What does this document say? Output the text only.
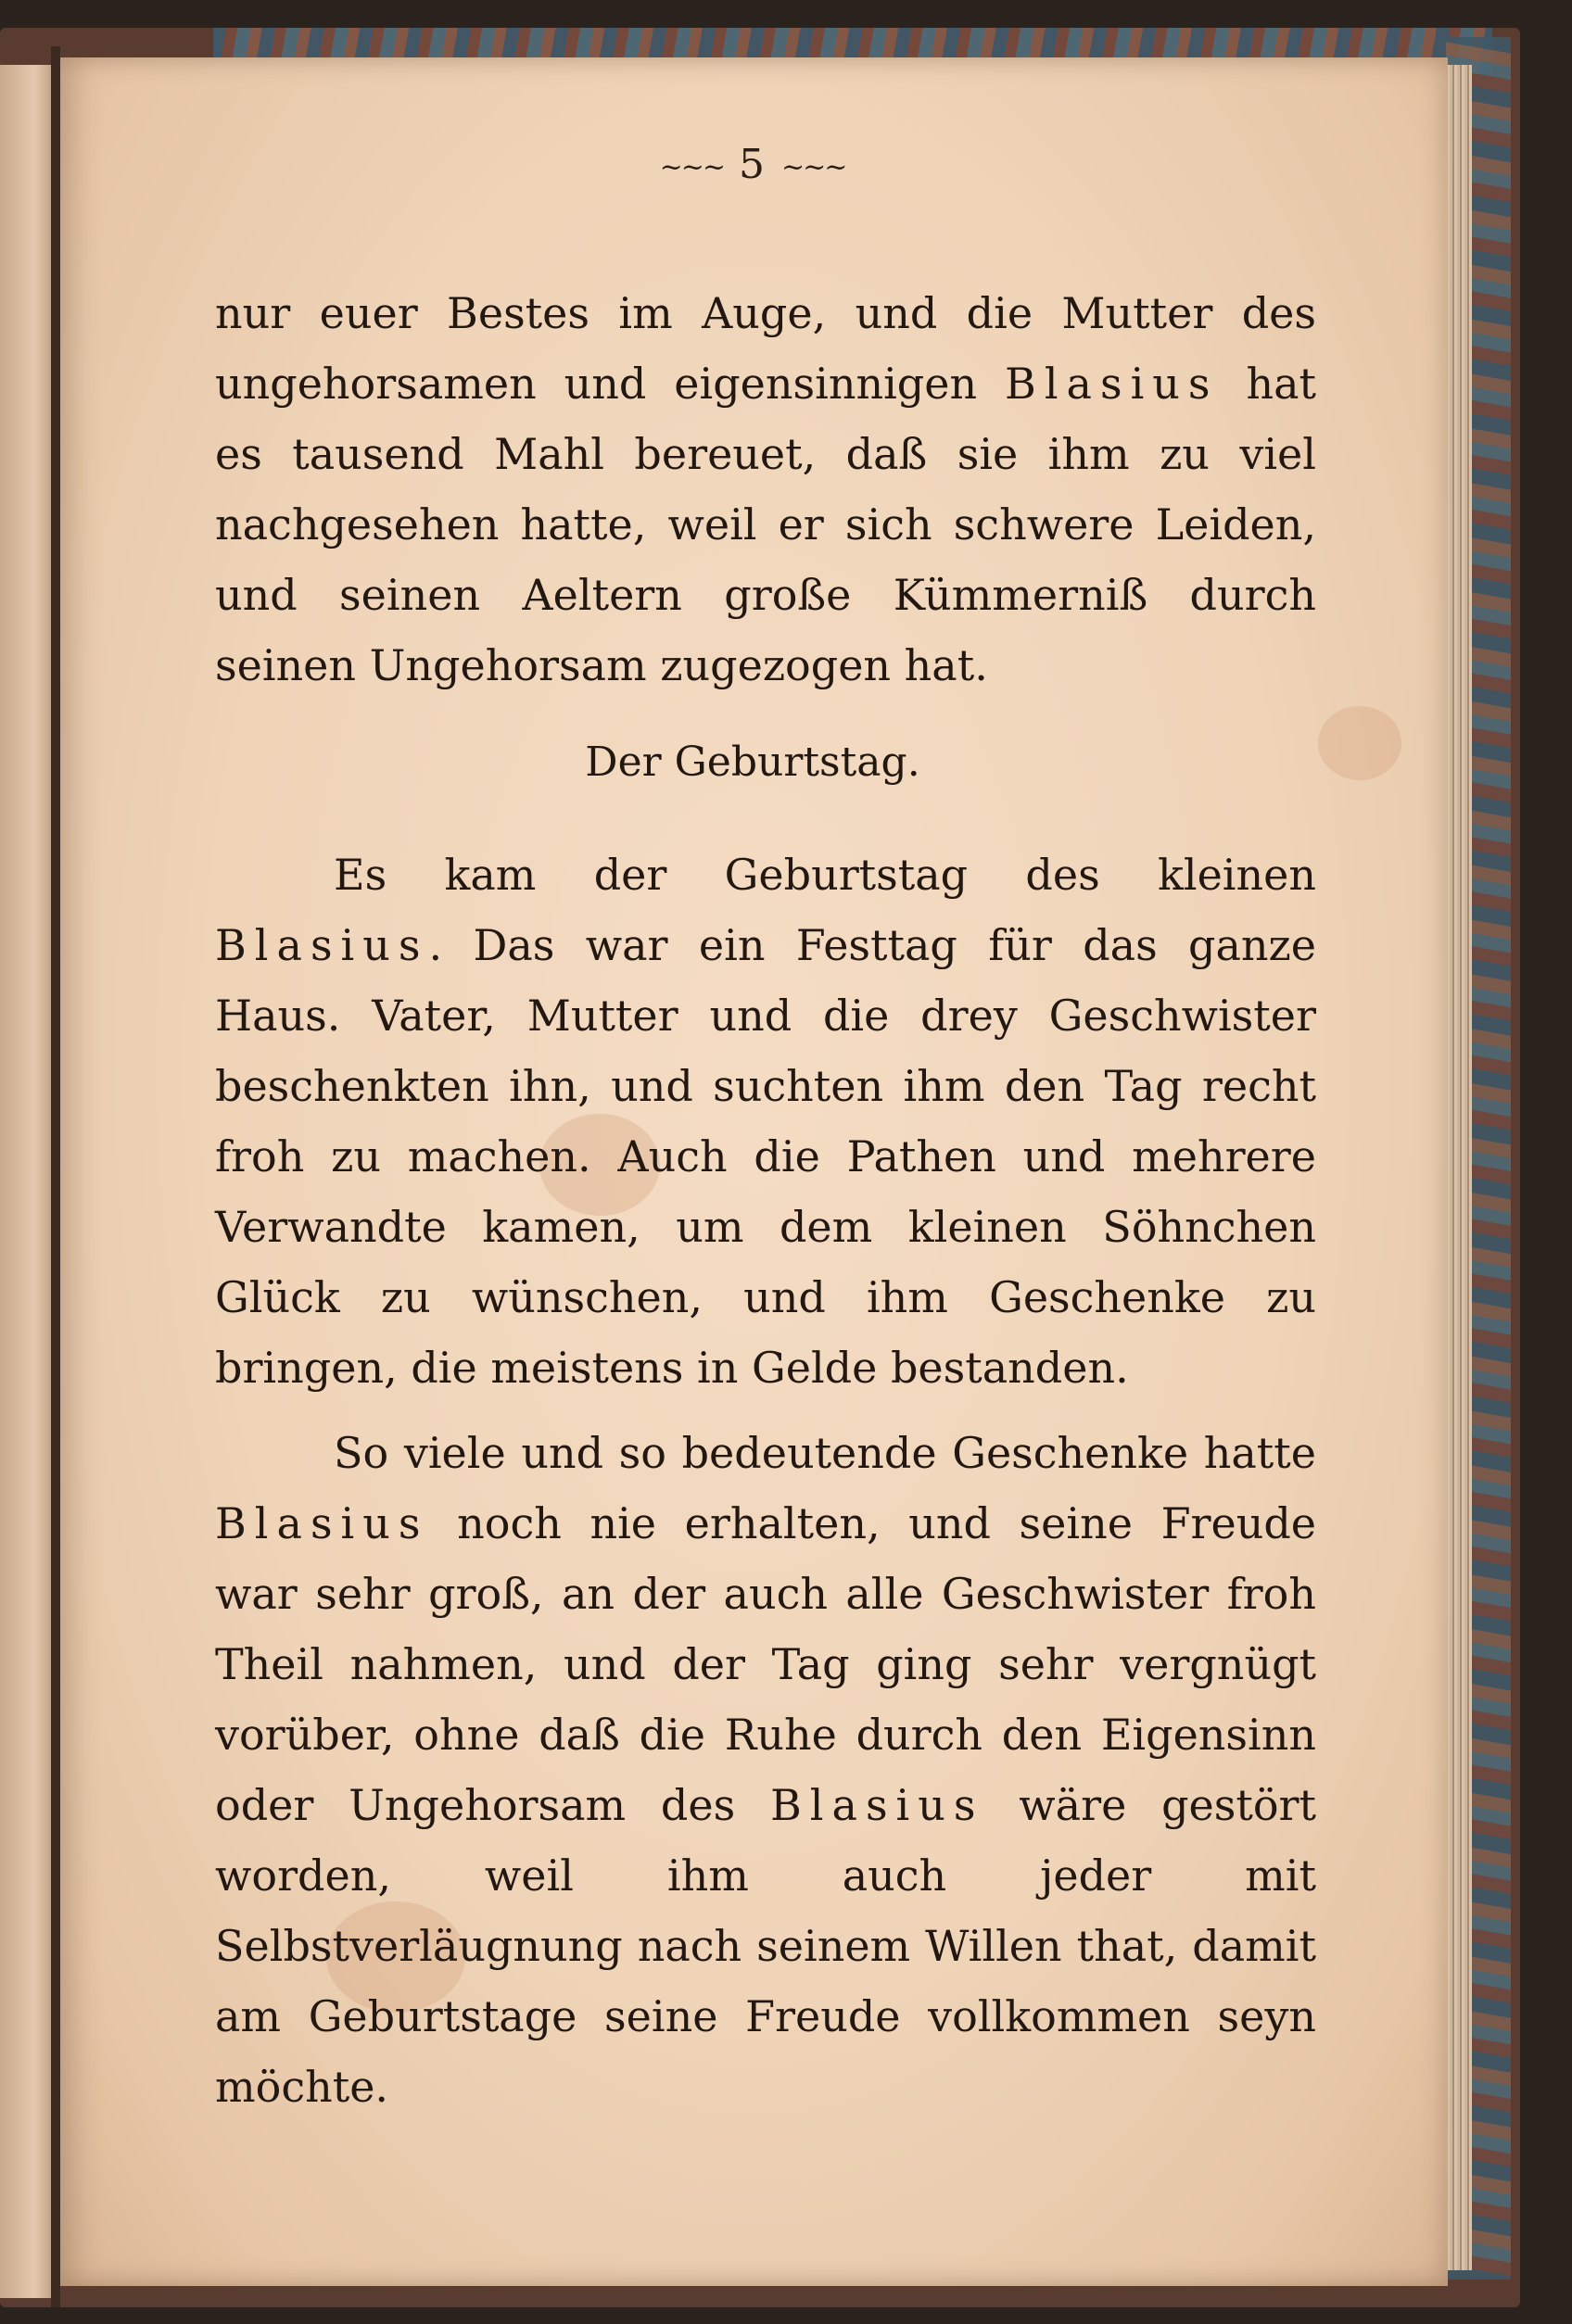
~~~ 5 ~~~

nur euer Bestes im Auge, und die Mutter des ungehorsamen und eigensinnigen Blasius hat es tausend Mahl bereuet, daß sie ihm zu viel nachgesehen hatte, weil er sich schwere Leiden, und seinen Aeltern große Kümmerniß durch seinen Ungehorsam zugezogen hat.

Der Geburtstag.

Es kam der Geburtstag des kleinen Blasius. Das war ein Festtag für das ganze Haus. Vater, Mutter und die drey Geschwister beschenkten ihn, und suchten ihm den Tag recht froh zu machen. Auch die Pathen und mehrere Verwandte kamen, um dem kleinen Söhnchen Glück zu wünschen, und ihm Geschenke zu bringen, die meistens in Gelde bestanden.

So viele und so bedeutende Geschenke hatte Blasius noch nie erhalten, und seine Freude war sehr groß, an der auch alle Geschwister froh Theil nahmen, und der Tag ging sehr vergnügt vorüber, ohne daß die Ruhe durch den Eigensinn oder Ungehorsam des Blasius wäre gestört worden, weil ihm auch jeder mit Selbstverläugnung nach seinem Willen that, damit am Geburtstage seine Freude vollkommen seyn möchte.
